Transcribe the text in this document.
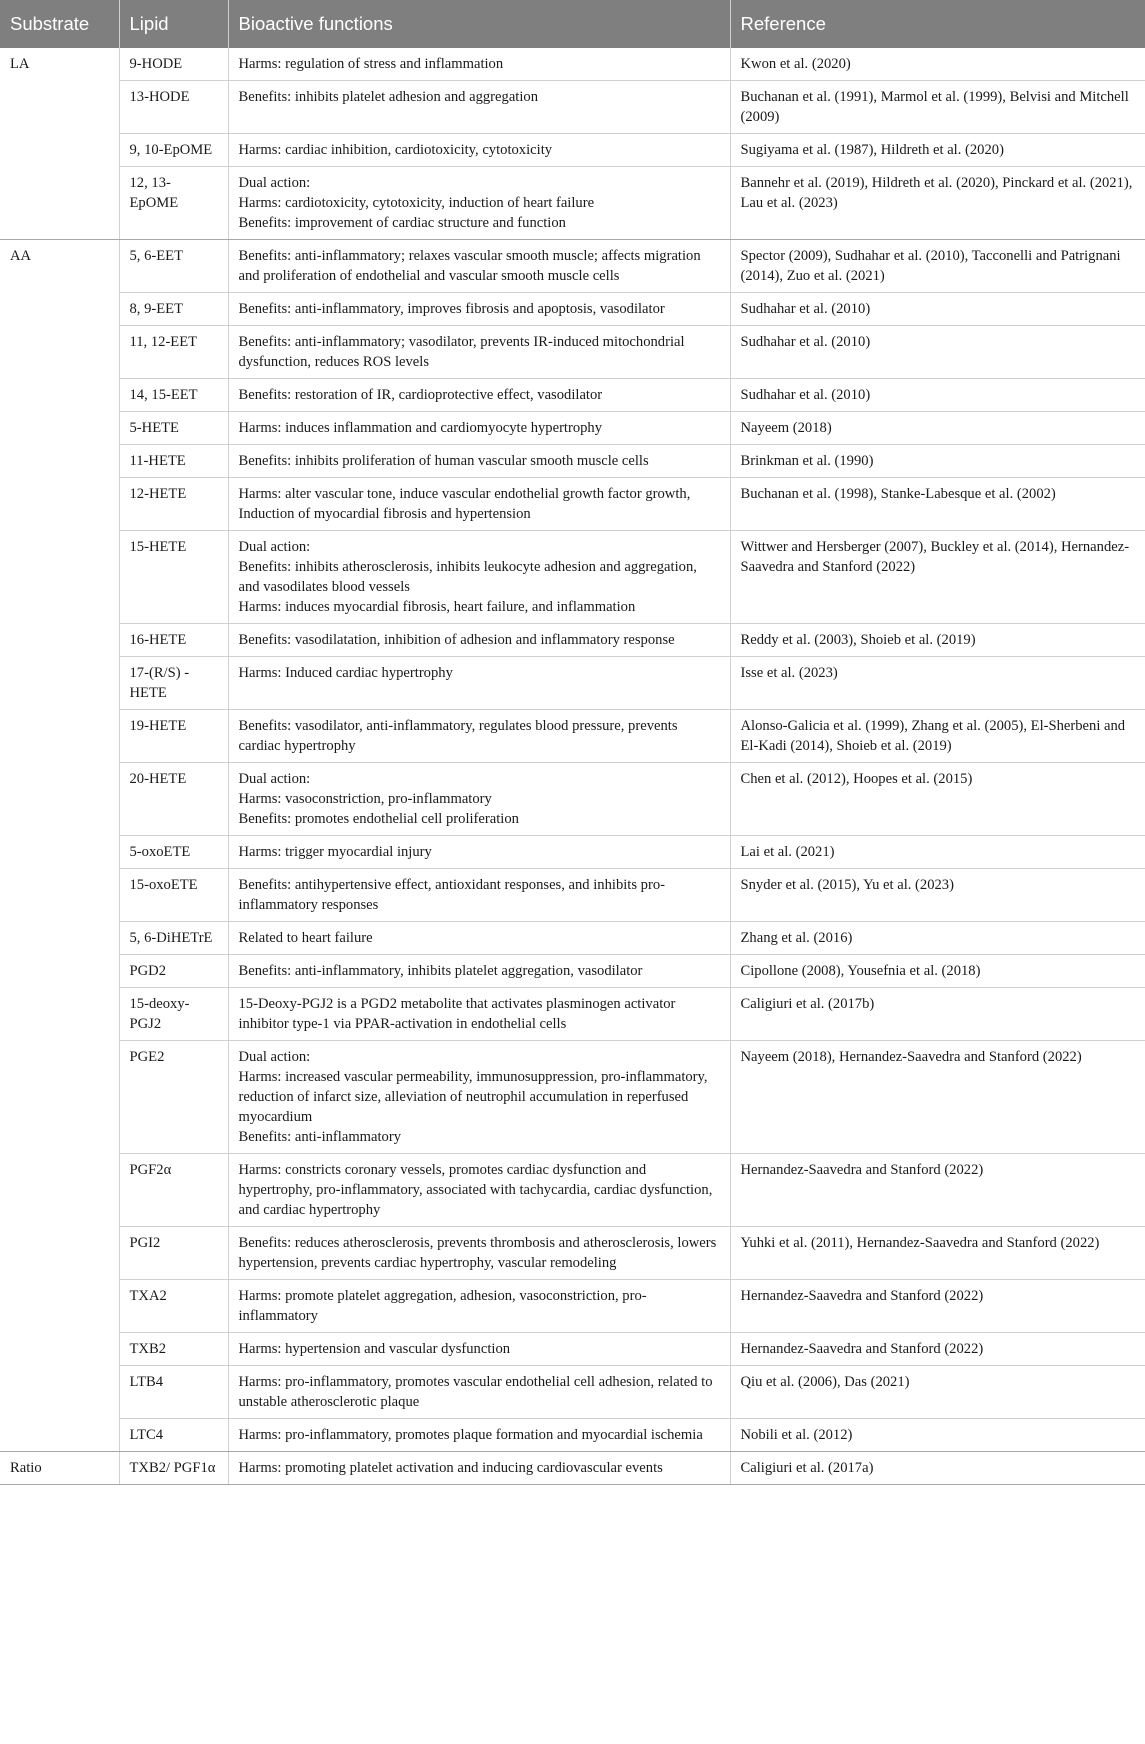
Substrate	Lipid	Bioactive functions	Reference
LA	9-HODE	Harms: regulation of stress and inflammation	Kwon et al. (2020)
	13-HODE	Benefits: inhibits platelet adhesion and aggregation	Buchanan et al. (1991), Marmol et al. (1999), Belvisi and Mitchell (2009)
	9, 10-EpOME	Harms: cardiac inhibition, cardiotoxicity, cytotoxicity	Sugiyama et al. (1987), Hildreth et al. (2020)
	12, 13-EpOME	Dual action:
Harms: cardiotoxicity, cytotoxicity, induction of heart failure
Benefits: improvement of cardiac structure and function	Bannehr et al. (2019), Hildreth et al. (2020), Pinckard et al. (2021), Lau et al. (2023)
AA	5, 6-EET	Benefits: anti-inflammatory; relaxes vascular smooth muscle; affects migration and proliferation of endothelial and vascular smooth muscle cells	Spector (2009), Sudhahar et al. (2010), Tacconelli and Patrignani (2014), Zuo et al. (2021)
	8, 9-EET	Benefits: anti-inflammatory, improves fibrosis and apoptosis, vasodilator	Sudhahar et al. (2010)
	11, 12-EET	Benefits: anti-inflammatory; vasodilator, prevents IR-induced mitochondrial dysfunction, reduces ROS levels	Sudhahar et al. (2010)
	14, 15-EET	Benefits: restoration of IR, cardioprotective effect, vasodilator	Sudhahar et al. (2010)
	5-HETE	Harms: induces inflammation and cardiomyocyte hypertrophy	Nayeem (2018)
	11-HETE	Benefits: inhibits proliferation of human vascular smooth muscle cells	Brinkman et al. (1990)
	12-HETE	Harms: alter vascular tone, induce vascular endothelial growth factor growth, Induction of myocardial fibrosis and hypertension	Buchanan et al. (1998), Stanke-Labesque et al. (2002)
	15-HETE	Dual action:
Benefits: inhibits atherosclerosis, inhibits leukocyte adhesion and aggregation, and vasodilates blood vessels
Harms: induces myocardial fibrosis, heart failure, and inflammation	Wittwer and Hersberger (2007), Buckley et al. (2014), Hernandez-Saavedra and Stanford (2022)
	16-HETE	Benefits: vasodilatation, inhibition of adhesion and inflammatory response	Reddy et al. (2003), Shoieb et al. (2019)
	17-(R/S) -HETE	Harms: Induced cardiac hypertrophy	Isse et al. (2023)
	19-HETE	Benefits: vasodilator, anti-inflammatory, regulates blood pressure, prevents cardiac hypertrophy	Alonso-Galicia et al. (1999), Zhang et al. (2005), El-Sherbeni and El-Kadi (2014), Shoieb et al. (2019)
	20-HETE	Dual action:
Harms: vasoconstriction, pro-inflammatory
Benefits: promotes endothelial cell proliferation	Chen et al. (2012), Hoopes et al. (2015)
	5-oxoETE	Harms: trigger myocardial injury	Lai et al. (2021)
	15-oxoETE	Benefits: antihypertensive effect, antioxidant responses, and inhibits pro-inflammatory responses	Snyder et al. (2015), Yu et al. (2023)
	5, 6-DiHETrE	Related to heart failure	Zhang et al. (2016)
	PGD2	Benefits: anti-inflammatory, inhibits platelet aggregation, vasodilator	Cipollone (2008), Yousefnia et al. (2018)
	15-deoxy-PGJ2	15-Deoxy-PGJ2 is a PGD2 metabolite that activates plasminogen activator inhibitor type-1 via PPAR-activation in endothelial cells	Caligiuri et al. (2017b)
	PGE2	Dual action:
Harms: increased vascular permeability, immunosuppression, pro-inflammatory, reduction of infarct size, alleviation of neutrophil accumulation in reperfused myocardium
Benefits: anti-inflammatory	Nayeem (2018), Hernandez-Saavedra and Stanford (2022)
	PGF2α	Harms: constricts coronary vessels, promotes cardiac dysfunction and hypertrophy, pro-inflammatory, associated with tachycardia, cardiac dysfunction, and cardiac hypertrophy	Hernandez-Saavedra and Stanford (2022)
	PGI2	Benefits: reduces atherosclerosis, prevents thrombosis and atherosclerosis, lowers hypertension, prevents cardiac hypertrophy, vascular remodeling	Yuhki et al. (2011), Hernandez-Saavedra and Stanford (2022)
	TXA2	Harms: promote platelet aggregation, adhesion, vasoconstriction, pro-inflammatory	Hernandez-Saavedra and Stanford (2022)
	TXB2	Harms: hypertension and vascular dysfunction	Hernandez-Saavedra and Stanford (2022)
	LTB4	Harms: pro-inflammatory, promotes vascular endothelial cell adhesion, related to unstable atherosclerotic plaque	Qiu et al. (2006), Das (2021)
	LTC4	Harms: pro-inflammatory, promotes plaque formation and myocardial ischemia	Nobili et al. (2012)
Ratio	TXB2/ PGF1α	Harms: promoting platelet activation and inducing cardiovascular events	Caligiuri et al. (2017a)
